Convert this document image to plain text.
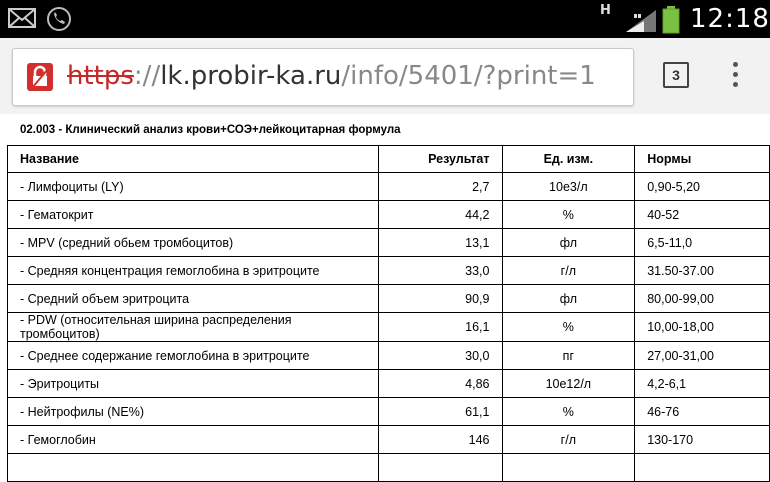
H	12:18
https://lk.probir-ka.ru/info/5401/?print=1	3
02.003 - Клинический анализ крови+СОЭ+лейкоцитарная формула
Название	Результат	Ед. изм.	Нормы
- Лимфоциты (LY)	2,7	10е3/л	0,90-5,20
- Гематокрит	44,2	%	40-52
- MPV (средний обьем тромбоцитов)	13,1	фл	6,5-11,0
- Средняя концентрация гемоглобина в эритроците	33,0	г/л	31.50-37.00
- Средний объем эритроцита	90,9	фл	80,00-99,00
- PDW (относительная ширина распределения тромбоцитов)	16,1	%	10,00-18,00
- Среднее содержание гемоглобина в эритроците	30,0	пг	27,00-31,00
- Эритроциты	4,86	10е12/л	4,2-6,1
- Нейтрофилы (NE%)	61,1	%	46-76
- Гемоглобин	146	г/л	130-170
